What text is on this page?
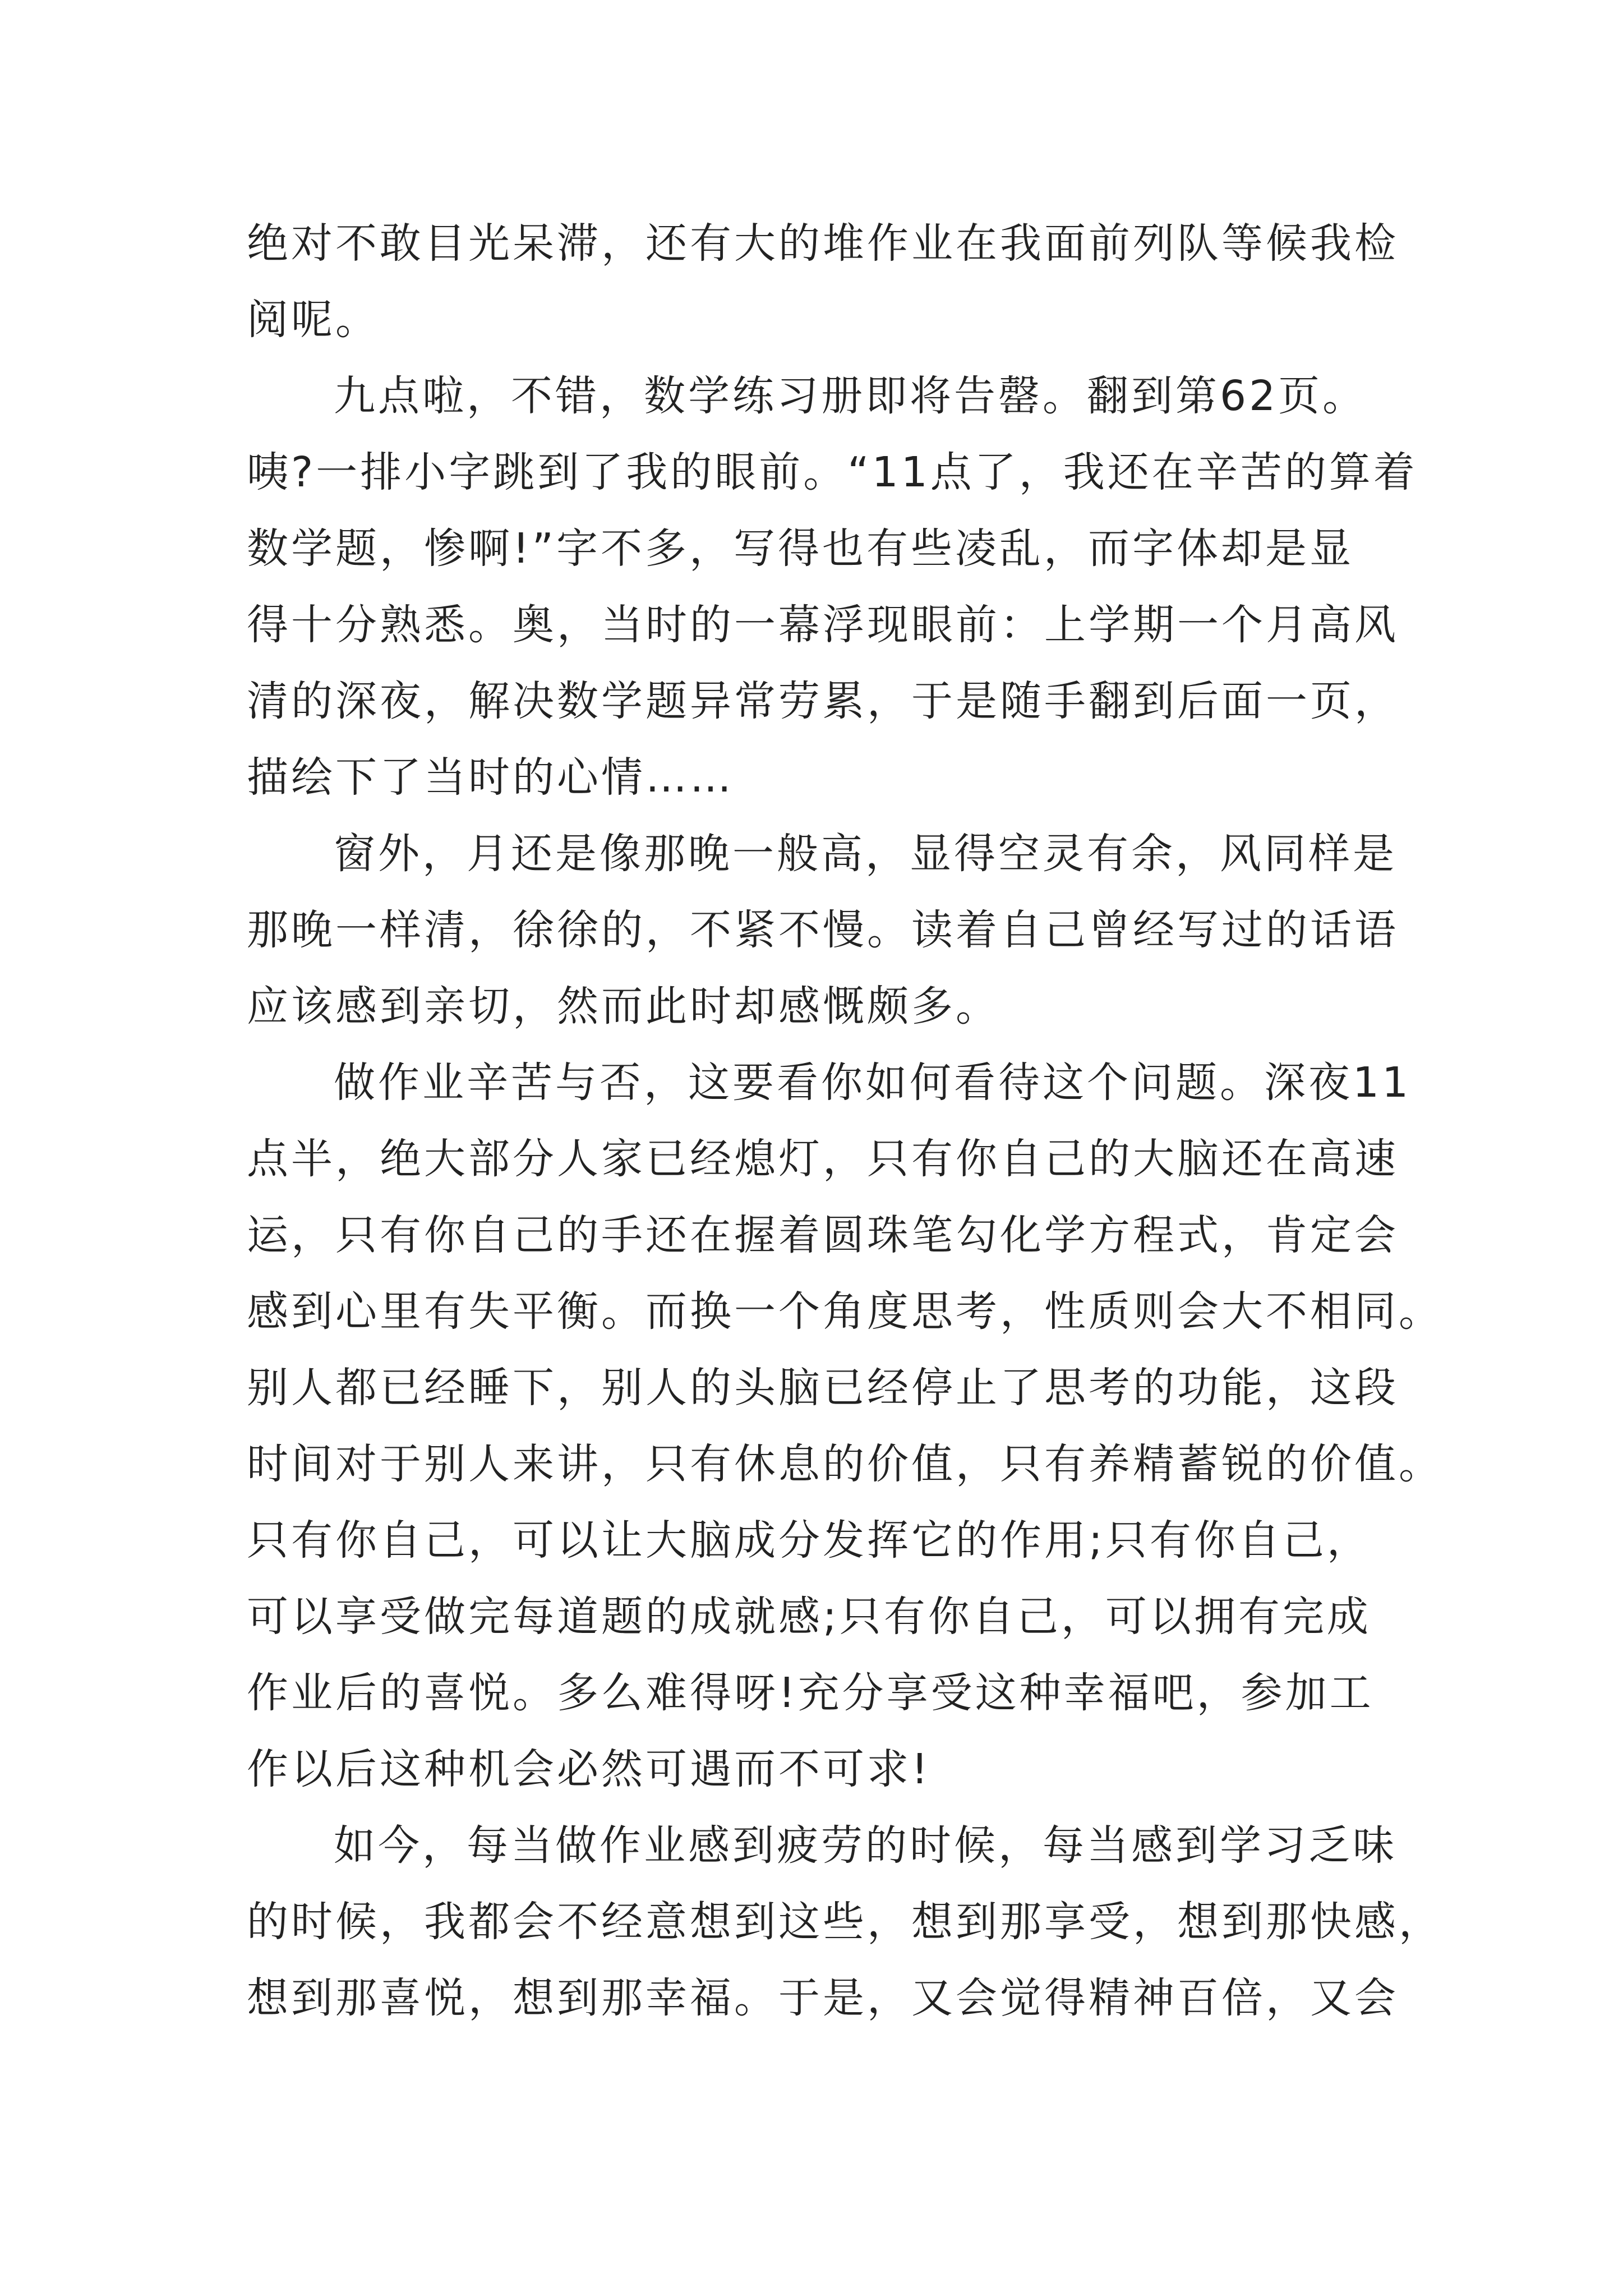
绝对不敢目光呆滞，还有大的堆作业在我面前列队等候我检
阅呢。
九点啦，不错，数学练习册即将告罄。翻到第62页。
咦?一排小字跳到了我的眼前。“11点了，我还在辛苦的算着
数学题，惨啊!”字不多，写得也有些凌乱，而字体却是显
得十分熟悉。奥，当时的一幕浮现眼前：上学期一个月高风
清的深夜，解决数学题异常劳累，于是随手翻到后面一页，
描绘下了当时的心情……
窗外，月还是像那晚一般高，显得空灵有余，风同样是
那晚一样清，徐徐的，不紧不慢。读着自己曾经写过的话语
应该感到亲切，然而此时却感慨颇多。
做作业辛苦与否，这要看你如何看待这个问题。深夜11
点半，绝大部分人家已经熄灯，只有你自己的大脑还在高速
运，只有你自己的手还在握着圆珠笔勾化学方程式，肯定会
感到心里有失平衡。而换一个角度思考，性质则会大不相同。
别人都已经睡下，别人的头脑已经停止了思考的功能，这段
时间对于别人来讲，只有休息的价值，只有养精蓄锐的价值。
只有你自己，可以让大脑成分发挥它的作用;只有你自己，
可以享受做完每道题的成就感;只有你自己，可以拥有完成
作业后的喜悦。多么难得呀!充分享受这种幸福吧，参加工
作以后这种机会必然可遇而不可求!
如今，每当做作业感到疲劳的时候，每当感到学习乏味
的时候，我都会不经意想到这些，想到那享受，想到那快感，
想到那喜悦，想到那幸福。于是，又会觉得精神百倍，又会
